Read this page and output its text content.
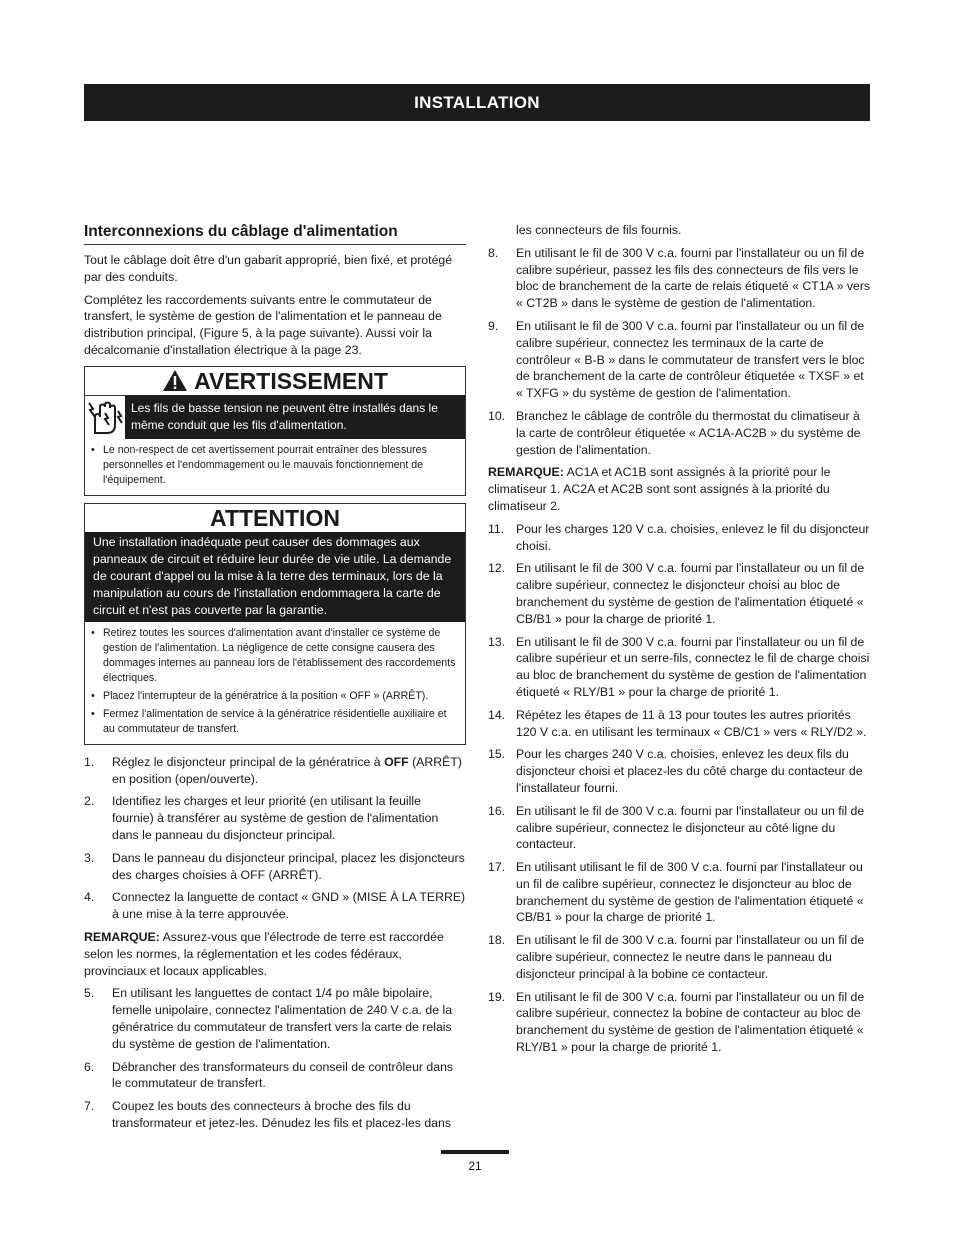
INSTALLATION
Interconnexions du câblage d'alimentation

Tout le câblage doit être d'un gabarit approprié, bien fixé, et protégé par des conduits.

Complétez les raccordements suivants entre le commutateur de transfert, le système de gestion de l'alimentation et le panneau de distribution principal, (Figure 5, à la page suivante). Aussi voir la décalcomanie d'installation électrique à la page 23.

AVERTISSEMENT
Les fils de basse tension ne peuvent être installés dans le même conduit que les fils d'alimentation.
• Le non-respect de cet avertissement pourrait entraîner des blessures personnelles et l'endommagement ou le mauvais fonctionnement de l'équipement.
ATTENTION
Une installation inadéquate peut causer des dommages aux panneaux de circuit et réduire leur durée de vie utile. La demande de courant d'appel ou la mise à la terre des terminaux, lors de la manipulation au cours de l'installation endommagera la carte de circuit et n'est pas couverte par la garantie.
• Retirez toutes les sources d'alimentation avant d'installer ce système de gestion de l'alimentation. La négligence de cette consigne causera des dommages internes au panneau lors de l'établissement des raccordements électriques.
• Placez l'interrupteur de la génératrice à la position « OFF » (ARRÊT).
• Fermez l'alimentation de service à la génératrice résidentielle auxiliaire et au commutateur de transfert.
1.	Réglez le disjoncteur principal de la génératrice à OFF (ARRÊT) en position (open/ouverte).
2.	Identifiez les charges et leur priorité (en utilisant la feuille fournie) à transférer au système de gestion de l'alimentation dans le panneau du disjoncteur principal.
3.	Dans le panneau du disjoncteur principal, placez les disjoncteurs des charges choisies à OFF (ARRÊT).
4.	Connectez la languette de contact « GND » (MISE À LA TERRE) à une mise à la terre approuvée.

REMARQUE: Assurez-vous que l'électrode de terre est raccordée selon les normes, la réglementation et les codes fédéraux, provinciaux et locaux applicables.

5.	En utilisant les languettes de contact 1/4 po mâle bipolaire, femelle unipolaire, connectez l'alimentation de 240 V c.a. de la génératrice du commutateur de transfert vers la carte de relais du système de gestion de l'alimentation.
6.	Débrancher des transformateurs du conseil de contrôleur dans le commutateur de transfert.
7.	Coupez les bouts des connecteurs à broche des fils du transformateur et jetez-les. Dénudez les fils et placez-les dans

les connecteurs de fils fournis.

8.	En utilisant le fil de 300 V c.a. fourni par l'installateur ou un fil de calibre supérieur, passez les fils des connecteurs de fils vers le bloc de branchement de la carte de relais étiqueté « CT1A » vers « CT2B » dans le système de gestion de l'alimentation.
9.	En utilisant le fil de 300 V c.a. fourni par l'installateur ou un fil de calibre supérieur, connectez les terminaux de la carte de contrôleur « B-B » dans le commutateur de transfert vers le bloc de branchement de la carte de contrôleur étiquetée « TXSF » et « TXFG » du système de gestion de l'alimentation.
10. Branchez le câblage de contrôle du thermostat du climatiseur à la carte de contrôleur étiquetée « AC1A-AC2B » du système de gestion de l'alimentation.

REMARQUE: AC1A et AC1B sont assignés à la priorité pour le climatiseur 1. AC2A et AC2B sont sont assignés à la priorité du climatiseur 2.

11. Pour les charges 120 V c.a. choisies, enlevez le fil du disjoncteur choisi.
12. En utilisant le fil de 300 V c.a. fourni par l'installateur ou un fil de calibre supérieur, connectez le disjoncteur choisi au bloc de branchement du système de gestion de l'alimentation étiqueté « CB/B1 » pour la charge de priorité 1.
13. En utilisant le fil de 300 V c.a. fourni par l'installateur ou un fil de calibre supérieur et un serre-fils, connectez le fil de charge choisi au bloc de branchement du système de gestion de l'alimentation étiqueté « RLY/B1 » pour la charge de priorité 1.
14. Répétez les étapes de 11 à 13 pour toutes les autres priorités 120 V c.a. en utilisant les terminaux « CB/C1 » vers « RLY/D2 ».
15. Pour les charges 240 V c.a. choisies, enlevez les deux fils du disjoncteur choisi et placez-les du côté charge du contacteur de l'installateur fourni.
16. En utilisant le fil de 300 V c.a. fourni par l'installateur ou un fil de calibre supérieur, connectez le disjoncteur au côté ligne du contacteur.
17. En utilisant utilisant le fil de 300 V c.a. fourni par l'installateur ou un fil de calibre supérieur, connectez le disjoncteur au bloc de branchement du système de gestion de l'alimentation étiqueté « CB/B1 » pour la charge de priorité 1.
18. En utilisant le fil de 300 V c.a. fourni par l'installateur ou un fil de calibre supérieur, connectez le neutre dans le panneau du disjoncteur principal à la bobine ce contacteur.
19. En utilisant le fil de 300 V c.a. fourni par l'installateur ou un fil de calibre supérieur, connectez la bobine de contacteur au bloc de branchement du système de gestion de l'alimentation étiqueté « RLY/B1 » pour la charge de priorité 1.
21
